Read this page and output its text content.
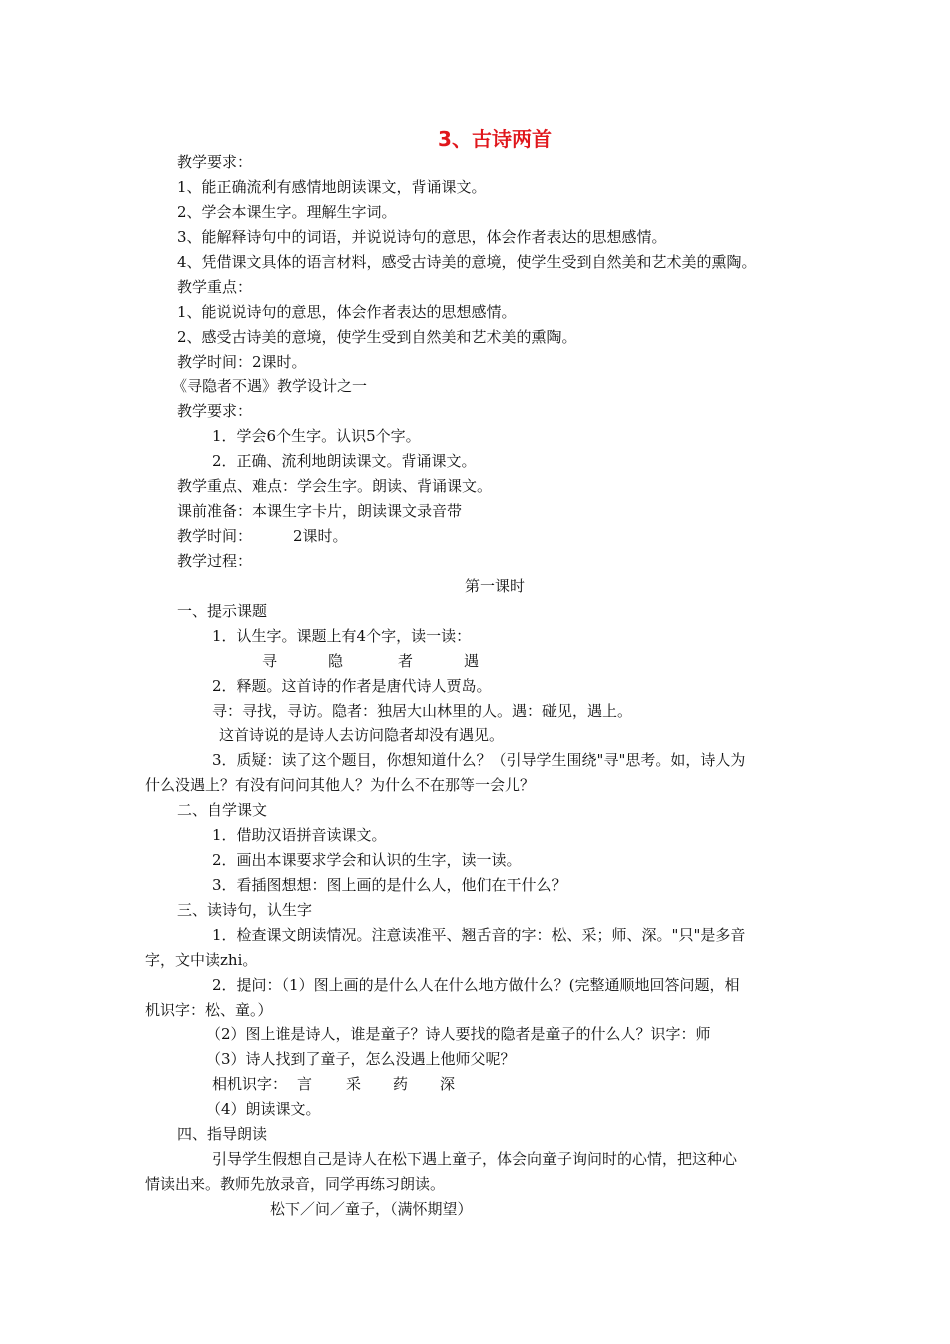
3、古诗两首
教学要求：
1、能正确流利有感情地朗读课文，背诵课文。
2、学会本课生字。理解生字词。
3、能解释诗句中的词语，并说说诗句的意思，体会作者表达的思想感情。
4、凭借课文具体的语言材料，感受古诗美的意境，使学生受到自然美和艺术美的熏陶。
教学重点：
1、能说说诗句的意思，体会作者表达的思想感情。
2、感受古诗美的意境，使学生受到自然美和艺术美的熏陶。
教学时间：2课时。
《寻隐者不遇》教学设计之一
教学要求：
1．学会6个生字。认识5个字。
2．正确、流利地朗读课文。背诵课文。
教学重点、难点：学会生字。朗读、背诵课文。
课前准备：本课生字卡片，朗读课文录音带
教学时间：	2课时。
教学过程：
第一课时
一、提示课题
1．认生字。课题上有4个字，读一读：
寻	隐	者	遇
2．释题。这首诗的作者是唐代诗人贾岛。
寻：寻找，寻访。隐者：独居大山林里的人。遇：碰见，遇上。
这首诗说的是诗人去访问隐者却没有遇见。
3．质疑：读了这个题目，你想知道什么？（引导学生围绕"寻"思考。如，诗人为
什么没遇上？有没有问问其他人？为什么不在那等一会儿？
二、自学课文
1．借助汉语拼音读课文。
2．画出本课要求学会和认识的生字，读一读。
3．看插图想想：图上画的是什么人，他们在干什么？
三、读诗句，认生字
1．检查课文朗读情况。注意读准平、翘舌音的字：松、采；师、深。"只"是多音
字，文中读zhi。
2．提问：（1）图上画的是什么人在什么地方做什么？(完整通顺地回答问题，相
机识字：松、童。）
（2）图上谁是诗人，谁是童子？诗人要找的隐者是童子的什么人？识字：师
（3）诗人找到了童子，怎么没遇上他师父呢？
相机识字： 言 采 药 深
（4）朗读课文。
四、指导朗读
引导学生假想自己是诗人在松下遇上童子，体会向童子询问时的心情，把这种心
情读出来。教师先放录音，同学再练习朗读。
松下／问／童子，（满怀期望）
